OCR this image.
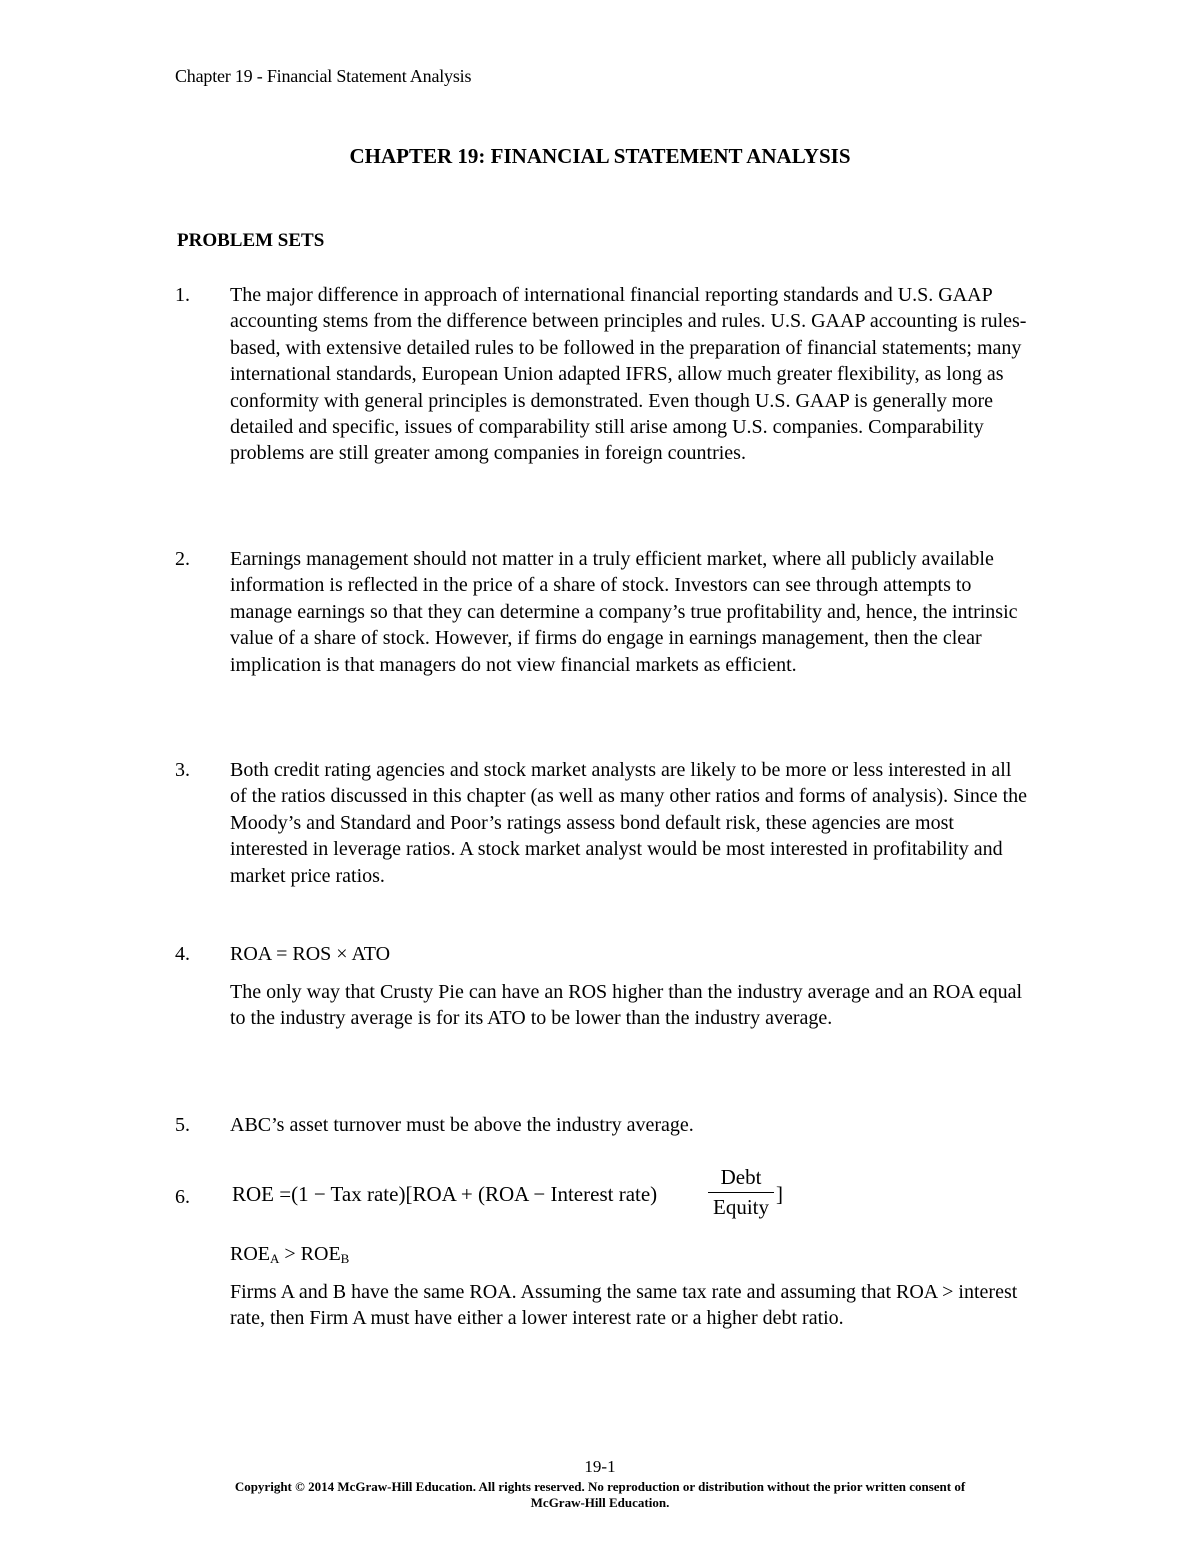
Chapter 19 - Financial Statement Analysis
CHAPTER 19: FINANCIAL STATEMENT ANALYSIS
PROBLEM SETS
1. The major difference in approach of international financial reporting standards and U.S. GAAP accounting stems from the difference between principles and rules. U.S. GAAP accounting is rules-based, with extensive detailed rules to be followed in the preparation of financial statements; many international standards, European Union adapted IFRS, allow much greater flexibility, as long as conformity with general principles is demonstrated. Even though U.S. GAAP is generally more detailed and specific, issues of comparability still arise among U.S. companies. Comparability problems are still greater among companies in foreign countries.

2. Earnings management should not matter in a truly efficient market, where all publicly available information is reflected in the price of a share of stock. Investors can see through attempts to manage earnings so that they can determine a company’s true profitability and, hence, the intrinsic value of a share of stock. However, if firms do engage in earnings management, then the clear implication is that managers do not view financial markets as efficient.

3. Both credit rating agencies and stock market analysts are likely to be more or less interested in all of the ratios discussed in this chapter (as well as many other ratios and forms of analysis). Since the Moody’s and Standard and Poor’s ratings assess bond default risk, these agencies are most interested in leverage ratios. A stock market analyst would be most interested in profitability and market price ratios.

4. ROA = ROS × ATO

The only way that Crusty Pie can have an ROS higher than the industry average and an ROA equal to the industry average is for its ATO to be lower than the industry average.

5. ABC’s asset turnover must be above the industry average.

6. ROE =(1 − Tax rate)[ROA + (ROA − Interest rate)
Debt
Equity
]
$ROE_A > ROE_B$

Firms A and B have the same ROA. Assuming the same tax rate and assuming that ROA > interest rate, then Firm A must have either a lower interest rate or a higher debt ratio.

19-1
Copyright © 2014 McGraw-Hill Education. All rights reserved. No reproduction or distribution without the prior written consent of
McGraw-Hill Education.
